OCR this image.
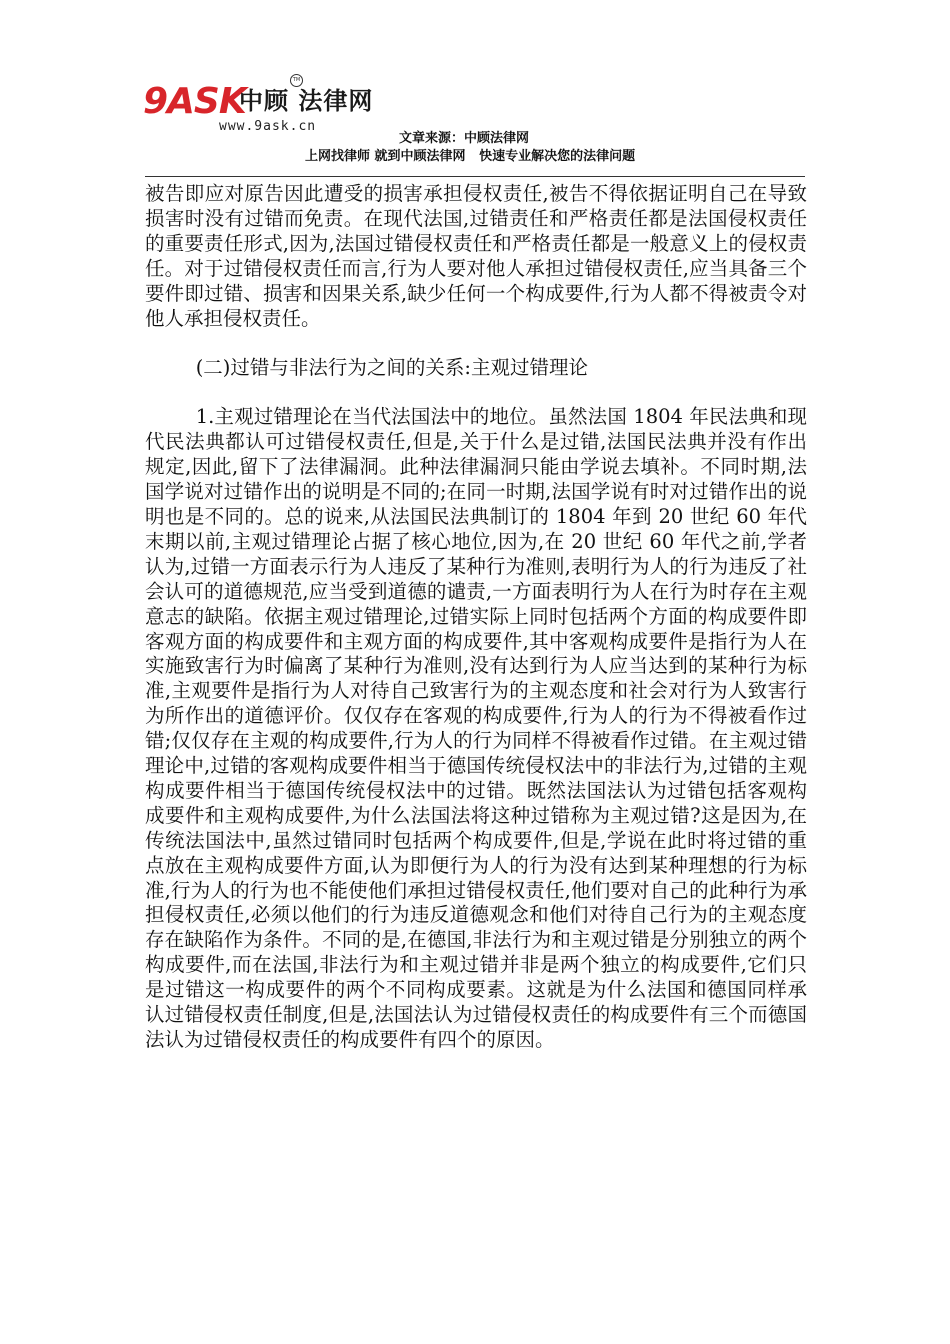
9ASK
中顾 法律网
TM
www.9ask.cn
文章来源：中顾法律网
上网找律师 就到中顾法律网   快速专业解决您的法律问题

被告即应对原告因此遭受的损害承担侵权责任,被告不得依据证明自己在导致损害时没有过错而免责。在现代法国,过错责任和严格责任都是法国侵权责任的重要责任形式,因为,法国过错侵权责任和严格责任都是一般意义上的侵权责任。对于过错侵权责任而言,行为人要对他人承担过错侵权责任,应当具备三个要件即过错、损害和因果关系,缺少任何一个构成要件,行为人都不得被责令对他人承担侵权责任。

(二)过错与非法行为之间的关系:主观过错理论

1.主观过错理论在当代法国法中的地位。虽然法国 1804 年民法典和现代民法典都认可过错侵权责任,但是,关于什么是过错,法国民法典并没有作出规定,因此,留下了法律漏洞。此种法律漏洞只能由学说去填补。不同时期,法国学说对过错作出的说明是不同的;在同一时期,法国学说有时对过错作出的说明也是不同的。总的说来,从法国民法典制订的 1804 年到 20 世纪 60 年代末期以前,主观过错理论占据了核心地位,因为,在 20 世纪 60 年代之前,学者认为,过错一方面表示行为人违反了某种行为准则,表明行为人的行为违反了社会认可的道德规范,应当受到道德的谴责,一方面表明行为人在行为时存在主观意志的缺陷。依据主观过错理论,过错实际上同时包括两个方面的构成要件即客观方面的构成要件和主观方面的构成要件,其中客观构成要件是指行为人在实施致害行为时偏离了某种行为准则,没有达到行为人应当达到的某种行为标准,主观要件是指行为人对待自己致害行为的主观态度和社会对行为人致害行为所作出的道德评价。仅仅存在客观的构成要件,行为人的行为不得被看作过错;仅仅存在主观的构成要件,行为人的行为同样不得被看作过错。在主观过错理论中,过错的客观构成要件相当于德国传统侵权法中的非法行为,过错的主观构成要件相当于德国传统侵权法中的过错。既然法国法认为过错包括客观构成要件和主观构成要件,为什么法国法将这种过错称为主观过错?这是因为,在传统法国法中,虽然过错同时包括两个构成要件,但是,学说在此时将过错的重点放在主观构成要件方面,认为即便行为人的行为没有达到某种理想的行为标准,行为人的行为也不能使他们承担过错侵权责任,他们要对自己的此种行为承担侵权责任,必须以他们的行为违反道德观念和他们对待自己行为的主观态度存在缺陷作为条件。不同的是,在德国,非法行为和主观过错是分别独立的两个构成要件,而在法国,非法行为和主观过错并非是两个独立的构成要件,它们只是过错这一构成要件的两个不同构成要素。这就是为什么法国和德国同样承认过错侵权责任制度,但是,法国法认为过错侵权责任的构成要件有三个而德国法认为过错侵权责任的构成要件有四个的原因。
